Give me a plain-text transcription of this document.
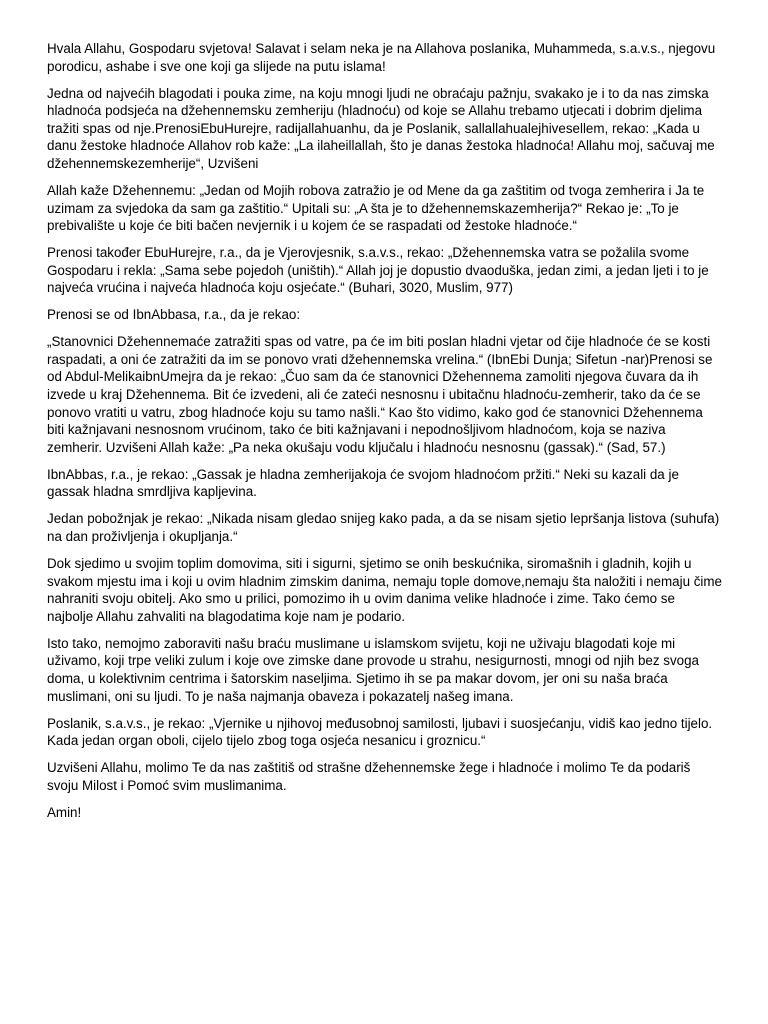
Hvala Allahu, Gospodaru svjetova! Salavat i selam neka je na Allahova poslanika, Muhammeda, s.a.v.s., njegovu porodicu, ashabe i sve one koji ga slijede na putu islama!

Jedna od najvećih blagodati i pouka zime, na koju mnogi ljudi ne obraćaju pažnju, svakako je i to da nas zimska hladnoća podsjeća na džehennemsku zemheriju (hladnoću) od koje se Allahu trebamo utjecati i dobrim djelima tražiti spas od nje.PrenosiEbuHurejre, radijallahuanhu, da je Poslanik, sallallahualejhivesellem, rekao: „Kada u danu žestoke hladnoće Allahov rob kaže: „La ilaheillallah, što je danas žestoka hladnoća! Allahu moj, sačuvaj me džehennemskezemherije“, Uzvišeni

Allah kaže Džehennemu: „Jedan od Mojih robova zatražio je od Mene da ga zaštitim od tvoga zemherira i Ja te uzimam za svjedoka da sam ga zaštitio.“ Upitali su: „A šta je to džehennemskazemherija?“ Rekao je: „To je prebivalište u koje će biti bačen nevjernik i u kojem će se raspadati od žestoke hladnoće.“

Prenosi također EbuHurejre, r.a., da je Vjerovjesnik, s.a.v.s., rekao: „Džehennemska vatra se požalila svome Gospodaru i rekla: „Sama sebe pojedoh (uništih).“ Allah joj je dopustio dvaoduška, jedan zimi, a jedan ljeti i to je najveća vrućina i najveća hladnoća koju osjećate.“ (Buhari, 3020, Muslim, 977)

Prenosi se od IbnAbbasa, r.a., da je rekao:

„Stanovnici Džehennemaće zatražiti spas od vatre, pa će im biti poslan hladni vjetar od čije hladnoće će se kosti raspadati, a oni će zatražiti da im se ponovo vrati džehennemska vrelina.“ (IbnEbi Dunja; Sifetun -nar)Prenosi se od Abdul-MelikaibnUmejra da je rekao: „Čuo sam da će stanovnici Džehennema zamoliti njegova čuvara da ih izvede u kraj Džehennema. Bit će izvedeni, ali će zateći nesnosnu i ubitačnu hladnoću-zemherir, tako da će se ponovo vratiti u vatru, zbog hladnoće koju su tamo našli.“ Kao što vidimo, kako god će stanovnici Džehennema biti kažnjavani nesnosnom vrućinom, tako će biti kažnjavani i nepodnošljivom hladnoćom, koja se naziva zemherir. Uzvišeni Allah kaže: „Pa neka okušaju vodu ključalu i hladnoću nesnosnu (gassak).“ (Sad, 57.)

IbnAbbas, r.a., je rekao: „Gassak je hladna zemherijakoja će svojom hladnoćom pržiti.“ Neki su kazali da je gassak hladna smrdljiva kapljevina.

Jedan pobožnjak je rekao: „Nikada nisam gledao snijeg kako pada, a da se nisam sjetio lepršanja listova (suhufa) na dan proživljenja i okupljanja.“

Dok sjedimo u svojim toplim domovima, siti i sigurni, sjetimo se onih beskućnika, siromašnih i gladnih, kojih u svakom mjestu ima i koji u ovim hladnim zimskim danima, nemaju tople domove,nemaju šta naložiti i nemaju čime nahraniti svoju obitelj. Ako smo u prilici, pomozimo ih u ovim danima velike hladnoće i zime. Tako ćemo se najbolje Allahu zahvaliti na blagodatima koje nam je podario.

Isto tako, nemojmo zaboraviti našu braću muslimane u islamskom svijetu, koji ne uživaju blagodati koje mi uživamo, koji trpe veliki zulum i koje ove zimske dane provode u strahu, nesigurnosti, mnogi od njih bez svoga doma, u kolektivnim centrima i šatorskim naseljima. Sjetimo ih se pa makar dovom, jer oni su naša braća muslimani, oni su ljudi. To je naša najmanja obaveza i pokazatelj našeg imana.

Poslanik, s.a.v.s., je rekao: „Vjernike u njihovoj međusobnoj samilosti, ljubavi i suosjećanju, vidiš kao jedno tijelo. Kada jedan organ oboli, cijelo tijelo zbog toga osjeća nesanicu i groznicu.“

Uzvišeni Allahu, molimo Te da nas zaštitiš od strašne džehennemske žege i hladnoće i molimo Te da podariš svoju Milost i Pomoć svim muslimanima.

Amin!
